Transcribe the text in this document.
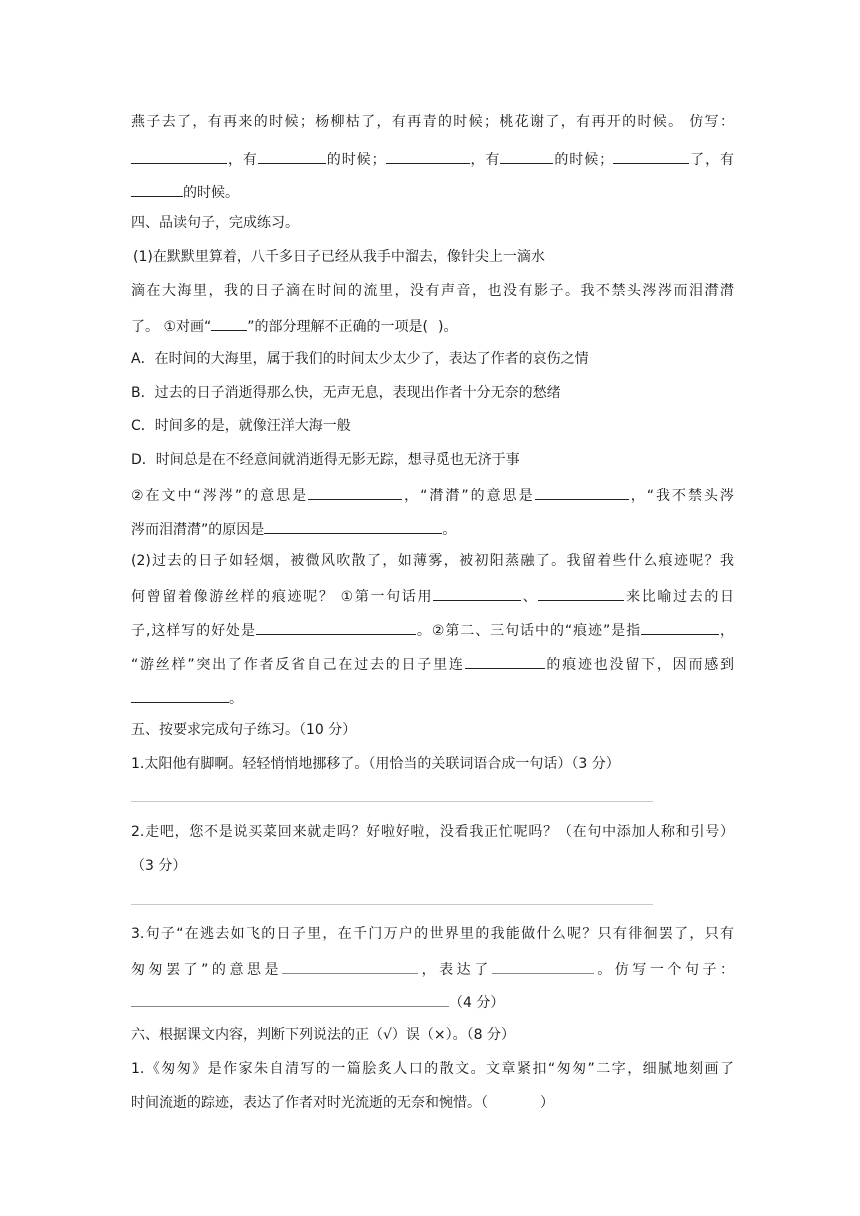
燕子去了，有再来的时候；杨柳枯了，有再青的时候；桃花谢了，有再开的时候。 仿写：
，有	的时候；	，有	的时候；	了，有
的时候。
四、品读句子，完成练习。
(1)在默默里算着，八千多日子已经从我手中溜去，像针尖上一滴水
滴在大海里，我的日子滴在时间的流里，没有声音，也没有影子。我不禁头涔涔而泪潸潸
了。 ①对画“	”的部分理解不正确的一项是( )。
A．在时间的大海里，属于我们的时间太少太少了，表达了作者的哀伤之情
B．过去的日子消逝得那么快，无声无息，表现出作者十分无奈的愁绪
C．时间多的是，就像汪洋大海一般
D．时间总是在不经意间就消逝得无影无踪，想寻觅也无济于事
②在文中“涔涔”的意思是	，“潸潸”的意思是	，“我不禁头涔
涔而泪潸潸”的原因是	。
(2)过去的日子如轻烟，被微风吹散了，如薄雾，被初阳蒸融了。我留着些什么痕迹呢？我
何曾留着像游丝样的痕迹呢？ ①第一句话用	、	来比喻过去的日
子,这样写的好处是	。②第二、三句话中的“痕迹”是指	，
“游丝样”突出了作者反省自己在过去的日子里连	的痕迹也没留下，因而感到
。
五、按要求完成句子练习。（10 分）
1.太阳他有脚啊。轻轻悄悄地挪移了。（用恰当的关联词语合成一句话）（3 分）
2.走吧，您不是说买菜回来就走吗？好啦好啦，没看我正忙呢吗？（在句中添加人称和引号）
（3 分）
3.句子“在逃去如飞的日子里，在千门万户的世界里的我能做什么呢？只有徘徊罢了，只有
匆匆罢了”的意思是	，表达了	。仿写一个句子：
（4 分）
六、根据课文内容，判断下列说法的正（√）误（×）。（8 分）
1.《匆匆》是作家朱自清写的一篇脍炙人口的散文。文章紧扣“匆匆”二字，细腻地刻画了
时间流逝的踪迹，表达了作者对时光流逝的无奈和惋惜。（	）
